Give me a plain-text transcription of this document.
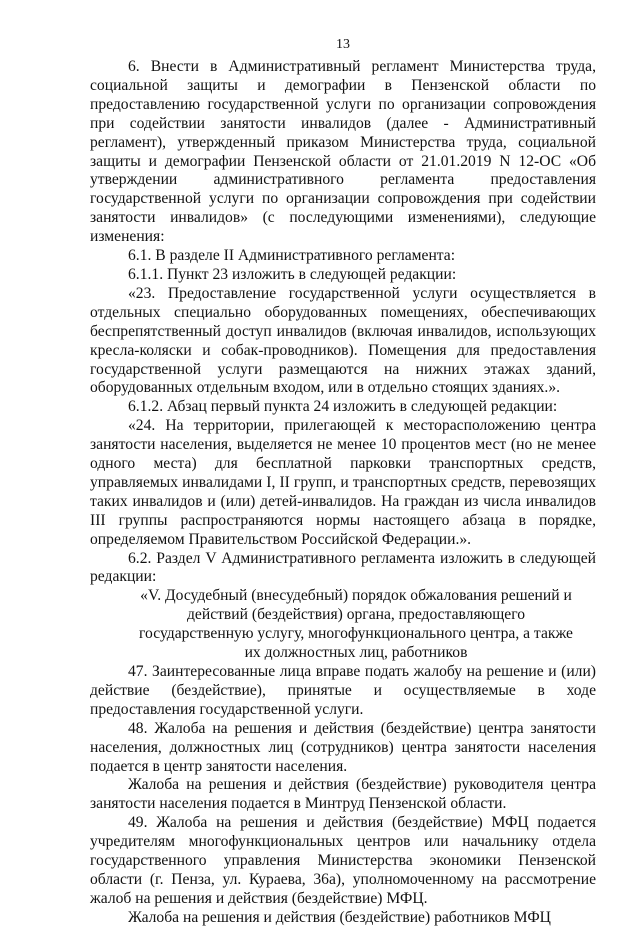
13

6. Внести в Административный регламент Министерства труда, социальной защиты и демографии в Пензенской области по предоставлению государственной услуги по организации сопровождения при содействии занятости инвалидов (далее - Административный регламент), утвержденный приказом Министерства труда, социальной защиты и демографии Пензенской области от 21.01.2019 N 12-ОС «Об утверждении административного регламента предоставления государственной услуги по организации сопровождения при содействии занятости инвалидов» (с последующими изменениями), следующие изменения:

6.1. В разделе II Административного регламента:

6.1.1. Пункт 23 изложить в следующей редакции:

«23. Предоставление государственной услуги осуществляется в отдельных специально оборудованных помещениях, обеспечивающих беспрепятственный доступ инвалидов (включая инвалидов, использующих кресла-коляски и собак-проводников). Помещения для предоставления государственной услуги размещаются на нижних этажах зданий, оборудованных отдельным входом, или в отдельно стоящих зданиях.».

6.1.2. Абзац первый пункта 24 изложить в следующей редакции:

«24. На территории, прилегающей к месторасположению центра занятости населения, выделяется не менее 10 процентов мест (но не менее одного места) для бесплатной парковки транспортных средств, управляемых инвалидами I, II групп, и транспортных средств, перевозящих таких инвалидов и (или) детей-инвалидов. На граждан из числа инвалидов III группы распространяются нормы настоящего абзаца в порядке, определяемом Правительством Российской Федерации.».

6.2. Раздел V Административного регламента изложить в следующей редакции:

«V. Досудебный (внесудебный) порядок обжалования решений и действий (бездействия) органа, предоставляющего государственную услугу, многофункционального центра, а также их должностных лиц, работников

47. Заинтересованные лица вправе подать жалобу на решение и (или) действие (бездействие), принятые и осуществляемые в ходе предоставления государственной услуги.

48. Жалоба на решения и действия (бездействие) центра занятости населения, должностных лиц (сотрудников) центра занятости населения подается в центр занятости населения.

Жалоба на решения и действия (бездействие) руководителя центра занятости населения подается в Минтруд Пензенской области.

49. Жалоба на решения и действия (бездействие) МФЦ подается учредителям многофункциональных центров или начальнику отдела государственного управления Министерства экономики Пензенской области (г. Пенза, ул. Кураева, 36а), уполномоченному на рассмотрение жалоб на решения и действия (бездействие) МФЦ.

Жалоба на решения и действия (бездействие) работников МФЦ
